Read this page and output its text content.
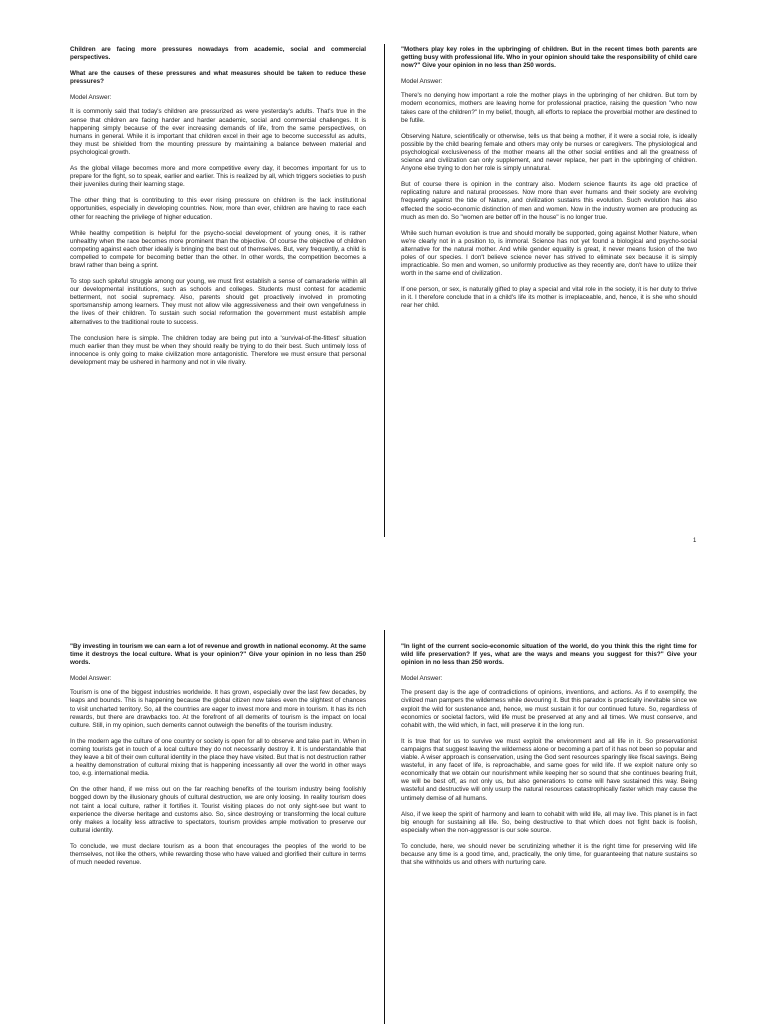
Children are facing more pressures nowadays from academic, social and commercial perspectives.

What are the causes of these pressures and what measures should be taken to reduce these pressures?

Model Answer:

It is commonly said that today's children are pressurized as were yesterday's adults. That's true in the sense that children are facing harder and harder academic, social and commercial challenges. It is happening simply because of the ever increasing demands of life, from the same perspectives, on humans in general. While it is important that children excel in their age to become successful as adults, they must be shielded from the mounting pressure by maintaining a balance between material and psychological growth.

As the global village becomes more and more competitive every day, it becomes important for us to prepare for the fight, so to speak, earlier and earlier. This is realized by all, which triggers societies to push their juveniles during their learning stage.

The other thing that is contributing to this ever rising pressure on children is the lack institutional opportunities, especially in developing countries. Now, more than ever, children are having to race each other for reaching the privilege of higher education.

While healthy competition is helpful for the psycho-social development of young ones, it is rather unhealthy when the race becomes more prominent than the objective. Of course the objective of children competing against each other ideally is bringing the best out of themselves. But, very frequently, a child is compelled to compete for becoming better than the other. In other words, the competition becomes a brawl rather than being a sprint.

To stop such spiteful struggle among our young, we must first establish a sense of camaraderie within all our developmental institutions, such as schools and colleges. Students must contest for academic betterment, not social supremacy. Also, parents should get proactively involved in promoting sportsmanship among learners. They must not allow vile aggressiveness and their own vengefulness in the lives of their children. To sustain such social reformation the government must establish ample alternatives to the traditional route to success.

The conclusion here is simple. The children today are being put into a 'survival-of-the-fittest' situation much earlier than they must be when they should really be trying to do their best. Such untimely loss of innocence is only going to make civilization more antagonistic. Therefore we must ensure that personal development may be ushered in harmony and not in vile rivalry.

"Mothers play key roles in the upbringing of children. But in the recent times both parents are getting busy with professional life. Who in your opinion should take the responsibility of child care now?" Give your opinion in no less than 250 words.

Model Answer:

There's no denying how important a role the mother plays in the upbringing of her children. But torn by modern economics, mothers are leaving home for professional practice, raising the question "who now takes care of the children?" In my belief, though, all efforts to replace the proverbial mother are destined to be futile.

Observing Nature, scientifically or otherwise, tells us that being a mother, if it were a social role, is ideally possible by the child bearing female and others may only be nurses or caregivers. The physiological and psychological exclusiveness of the mother means all the other social entities and all the greatness of science and civilization can only supplement, and never replace, her part in the upbringing of children. Anyone else trying to don her role is simply unnatural.

But of course there is opinion in the contrary also. Modern science flaunts its age old practice of replicating nature and natural processes. Now more than ever humans and their society are evolving frequently against the tide of Nature, and civilization sustains this evolution. Such evolution has also effected the socio-economic distinction of men and women. Now in the industry women are producing as much as men do. So "women are better off in the house" is no longer true.

While such human evolution is true and should morally be supported, going against Mother Nature, when we're clearly not in a position to, is immoral. Science has not yet found a biological and psycho-social alternative for the natural mother. And while gender equality is great, it never means fusion of the two poles of our species. I don't believe science never has strived to eliminate sex because it is simply impracticable. So men and women, so uniformly productive as they recently are, don't have to utilize their worth in the same end of civilization.

If one person, or sex, is naturally gifted to play a special and vital role in the society, it is her duty to thrive in it. I therefore conclude that in a child's life its mother is irreplaceable, and, hence, it is she who should rear her child.

1

"By investing in tourism we can earn a lot of revenue and growth in national economy. At the same time it destroys the local culture. What is your opinion?" Give your opinion in no less than 250 words.

Model Answer:

Tourism is one of the biggest industries worldwide. It has grown, especially over the last few decades, by leaps and bounds. This is happening because the global citizen now takes even the slightest of chances to visit uncharted territory. So, all the countries are eager to invest more and more in tourism. It has its rich rewards, but there are drawbacks too. At the forefront of all demerits of tourism is the impact on local culture. Still, in my opinion, such demerits cannot outweigh the benefits of the tourism industry.

In the modern age the culture of one country or society is open for all to observe and take part in. When in coming tourists get in touch of a local culture they do not necessarily destroy it. It is understandable that they leave a bit of their own cultural identity in the place they have visited. But that is not destruction rather a healthy demonstration of cultural mixing that is happening incessantly all over the world in other ways too, e.g. international media.

On the other hand, if we miss out on the far reaching benefits of the tourism industry being foolishly bogged down by the illusionary ghouls of cultural destruction, we are only loosing. In reality tourism does not taint a local culture, rather it fortifies it. Tourist visiting places do not only sight-see but want to experience the diverse heritage and customs also. So, since destroying or transforming the local culture only makes a locality less attractive to spectators, tourism provides ample motivation to preserve our cultural identity.

To conclude, we must declare tourism as a boon that encourages the peoples of the world to be themselves, not like the others, while rewarding those who have valued and glorified their culture in terms of much needed revenue.

"In light of the current socio-economic situation of the world, do you think this the right time for wild life preservation? If yes, what are the ways and means you suggest for this?" Give your opinion in no less than 250 words.

Model Answer:

The present day is the age of contradictions of opinions, inventions, and actions. As if to exemplify, the civilized man pampers the wilderness while devouring it. But this paradox is practically inevitable since we exploit the wild for sustenance and, hence, we must sustain it for our continued future. So, regardless of economics or societal factors, wild life must be preserved at any and all times. We must conserve, and cohabit with, the wild which, in fact, will preserve it in the long run.

It is true that for us to survive we must exploit the environment and all life in it. So preservationist campaigns that suggest leaving the wilderness alone or becoming a part of it has not been so popular and viable. A wiser approach is conservation, using the God sent resources sparingly like fiscal savings. Being wasteful, in any facet of life, is reproachable, and same goes for wild life. If we exploit nature only so economically that we obtain our nourishment while keeping her so sound that she continues bearing fruit, we will be best off, as not only us, but also generations to come will have sustained this way. Being wasteful and destructive will only usurp the natural resources catastrophically faster which may cause the untimely demise of all humans.

Also, if we keep the spirit of harmony and learn to cohabit with wild life, all may live. This planet is in fact big enough for sustaining all life. So, being destructive to that which does not fight back is foolish, especially when the non-aggressor is our sole source.

To conclude, here, we should never be scrutinizing whether it is the right time for preserving wild life because any time is a good time, and, practically, the only time, for guaranteeing that nature sustains so that she withholds us and others with nurturing care.
